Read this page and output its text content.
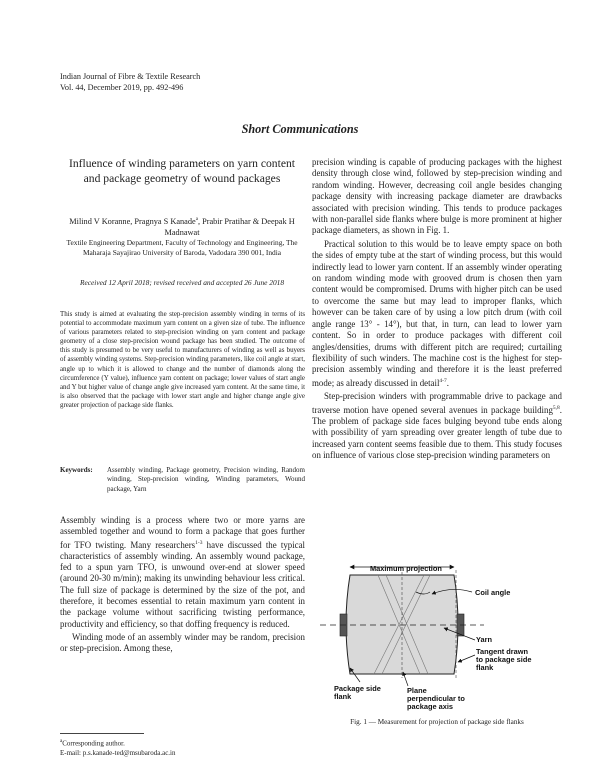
Indian Journal of Fibre & Textile Research
Vol. 44, December 2019, pp. 492-496
Short Communications
Influence of winding parameters on yarn content and package geometry of wound packages
Milind V Koranne, Pragnya S Kanade$^a$, Prabir Pratihar & Deepak H Madnawat
Textile Engineering Department, Faculty of Technology and Engineering, The Maharaja Sayajirao University of Baroda, Vadodara 390 001, India
Received 12 April 2018; revised received and accepted 26 June 2018
This study is aimed at evaluating the step-precision assembly winding in terms of its potential to accommodate maximum yarn content on a given size of tube. The influence of various parameters related to step-precision winding on yarn content and package geometry of a close step-precision wound package has been studied. The outcome of this study is presumed to be very useful to manufacturers of winding as well as buyers of assembly winding systems. Step-precision winding parameters, like coil angle at start, angle up to which it is allowed to change and the number of diamonds along the circumference (Y value), influence yarn content on package; lower values of start angle and Y but higher value of change angle give increased yarn content. At the same time, it is also observed that the package with lower start angle and higher change angle give greater projection of package side flanks.
Keywords: Assembly winding, Package geometry, Precision winding, Random winding, Step-precision winding, Winding parameters, Wound package, Yarn

Assembly winding is a process where two or more yarns are assembled together and wound to form a package that goes further for TFO twisting. Many researchers$^{1-3}$ have discussed the typical characteristics of assembly winding. An assembly wound package, fed to a spun yarn TFO, is unwound over-end at slower speed (around 20-30 m/min); making its unwinding behaviour less critical. The full size of package is determined by the size of the pot, and therefore, it becomes essential to retain maximum yarn content in the package volume without sacrificing twisting performance, productivity and efficiency, so that doffing frequency is reduced.

Winding mode of an assembly winder may be random, precision or step-precision. Among these,

precision winding is capable of producing packages with the highest density through close wind, followed by step-precision winding and random winding. However, decreasing coil angle besides changing package density with increasing package diameter are drawbacks associated with precision winding. This tends to produce packages with non-parallel side flanks where bulge is more prominent at higher package diameters, as shown in Fig. 1.

Practical solution to this would be to leave empty space on both the sides of empty tube at the start of winding process, but this would indirectly lead to lower yarn content. If an assembly winder operating on random winding mode with grooved drum is chosen then yarn content would be compromised. Drums with higher pitch can be used to overcome the same but may lead to improper flanks, which however can be taken care of by using a low pitch drum (with coil angle range 13° - 14°), but that, in turn, can lead to lower yarn content. So in order to produce packages with different coil angles/densities, drums with different pitch are required; curtailing flexibility of such winders. The machine cost is the highest for step-precision assembly winding and therefore it is the least preferred mode; as already discussed in detail$^{4-7}$.

Step-precision winders with programmable drive to package and traverse motion have opened several avenues in package building$^{5,8}$. The problem of package side faces bulging beyond tube ends along with possibility of yarn spreading over greater length of tube due to increased yarn content seems feasible due to them. This study focuses on influence of various close step-precision winding parameters on

Maximum projection
Coil angle
Yarn
Tangent drawn
to package side
flank
Package side
flank
Plane
perpendicular to
package axis
Fig. 1 — Measurement for projection of package side flanks
$^a$Corresponding author.
E-mail: p.s.kanade-ted@msubaroda.ac.in
